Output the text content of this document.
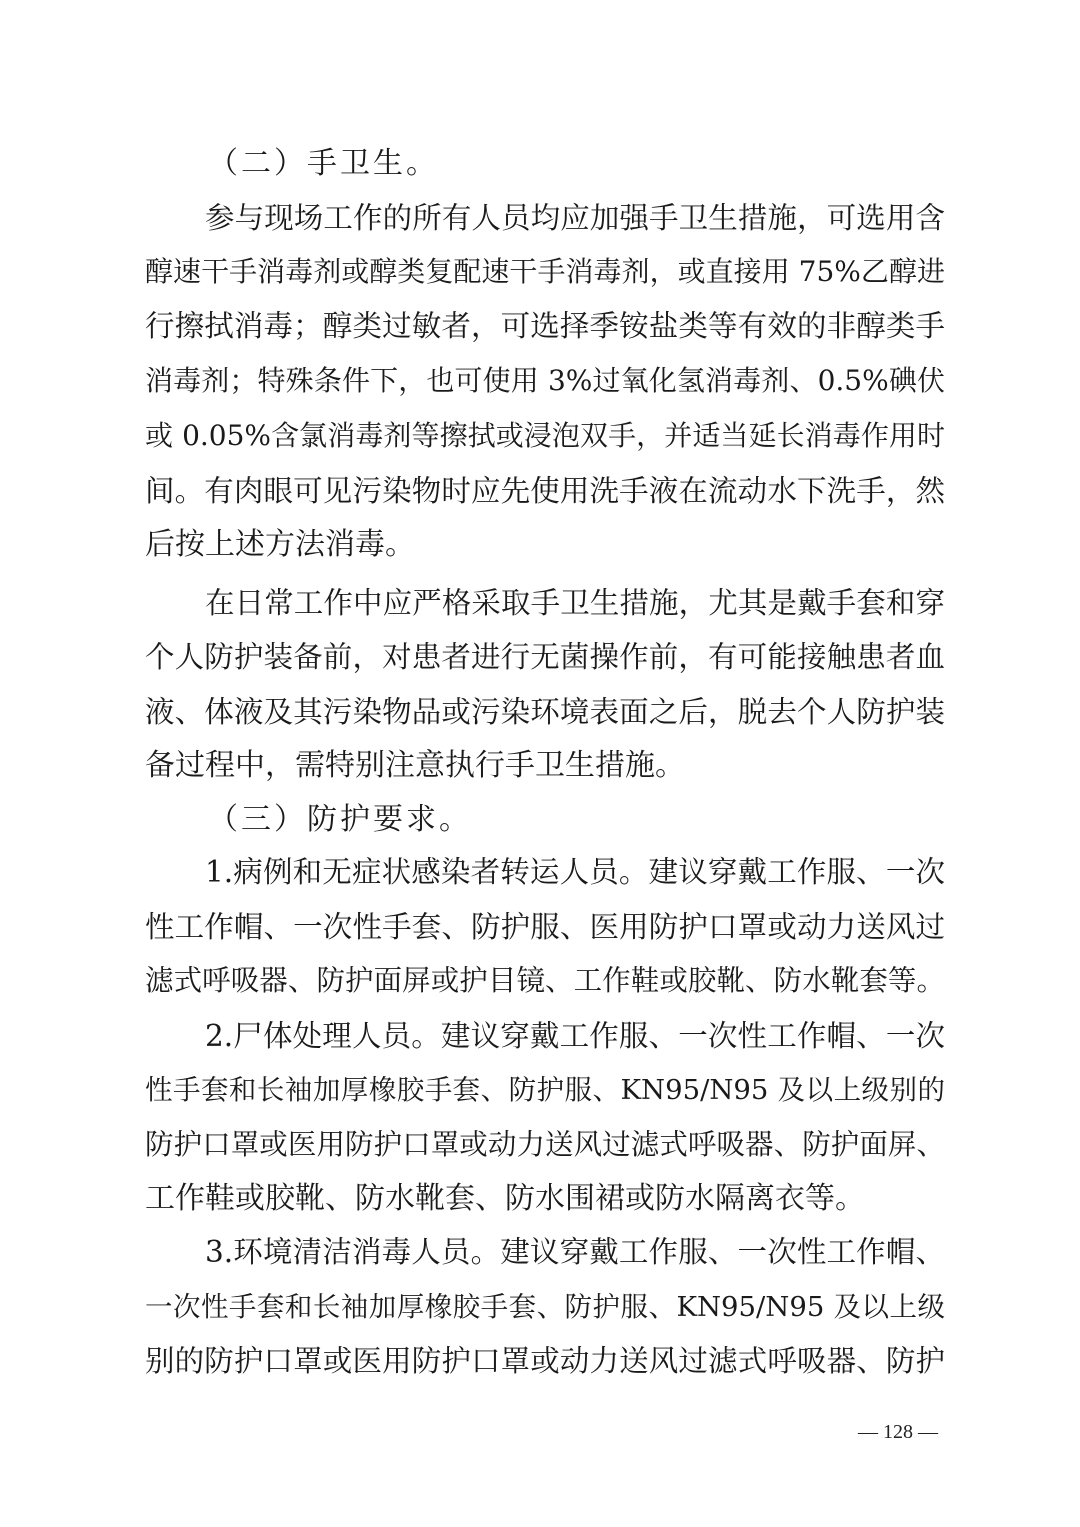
（二）手卫生。
参与现场工作的所有人员均应加强手卫生措施，可选用含
醇速干手消毒剂或醇类复配速干手消毒剂，或直接用 75%乙醇进
行擦拭消毒；醇类过敏者，可选择季铵盐类等有效的非醇类手
消毒剂；特殊条件下，也可使用 3%过氧化氢消毒剂、0.5%碘伏
或 0.05%含氯消毒剂等擦拭或浸泡双手，并适当延长消毒作用时
间。有肉眼可见污染物时应先使用洗手液在流动水下洗手，然
后按上述方法消毒。
在日常工作中应严格采取手卫生措施，尤其是戴手套和穿
个人防护装备前，对患者进行无菌操作前，有可能接触患者血
液、体液及其污染物品或污染环境表面之后，脱去个人防护装
备过程中，需特别注意执行手卫生措施。
（三）防护要求。
1.病例和无症状感染者转运人员。建议穿戴工作服、一次
性工作帽、一次性手套、防护服、医用防护口罩或动力送风过
滤式呼吸器、防护面屏或护目镜、工作鞋或胶靴、防水靴套等。
2.尸体处理人员。建议穿戴工作服、一次性工作帽、一次
性手套和长袖加厚橡胶手套、防护服、KN95/N95 及以上级别的
防护口罩或医用防护口罩或动力送风过滤式呼吸器、防护面屏、
工作鞋或胶靴、防水靴套、防水围裙或防水隔离衣等。
3.环境清洁消毒人员。建议穿戴工作服、一次性工作帽、
一次性手套和长袖加厚橡胶手套、防护服、KN95/N95 及以上级
别的防护口罩或医用防护口罩或动力送风过滤式呼吸器、防护
— 128 —
